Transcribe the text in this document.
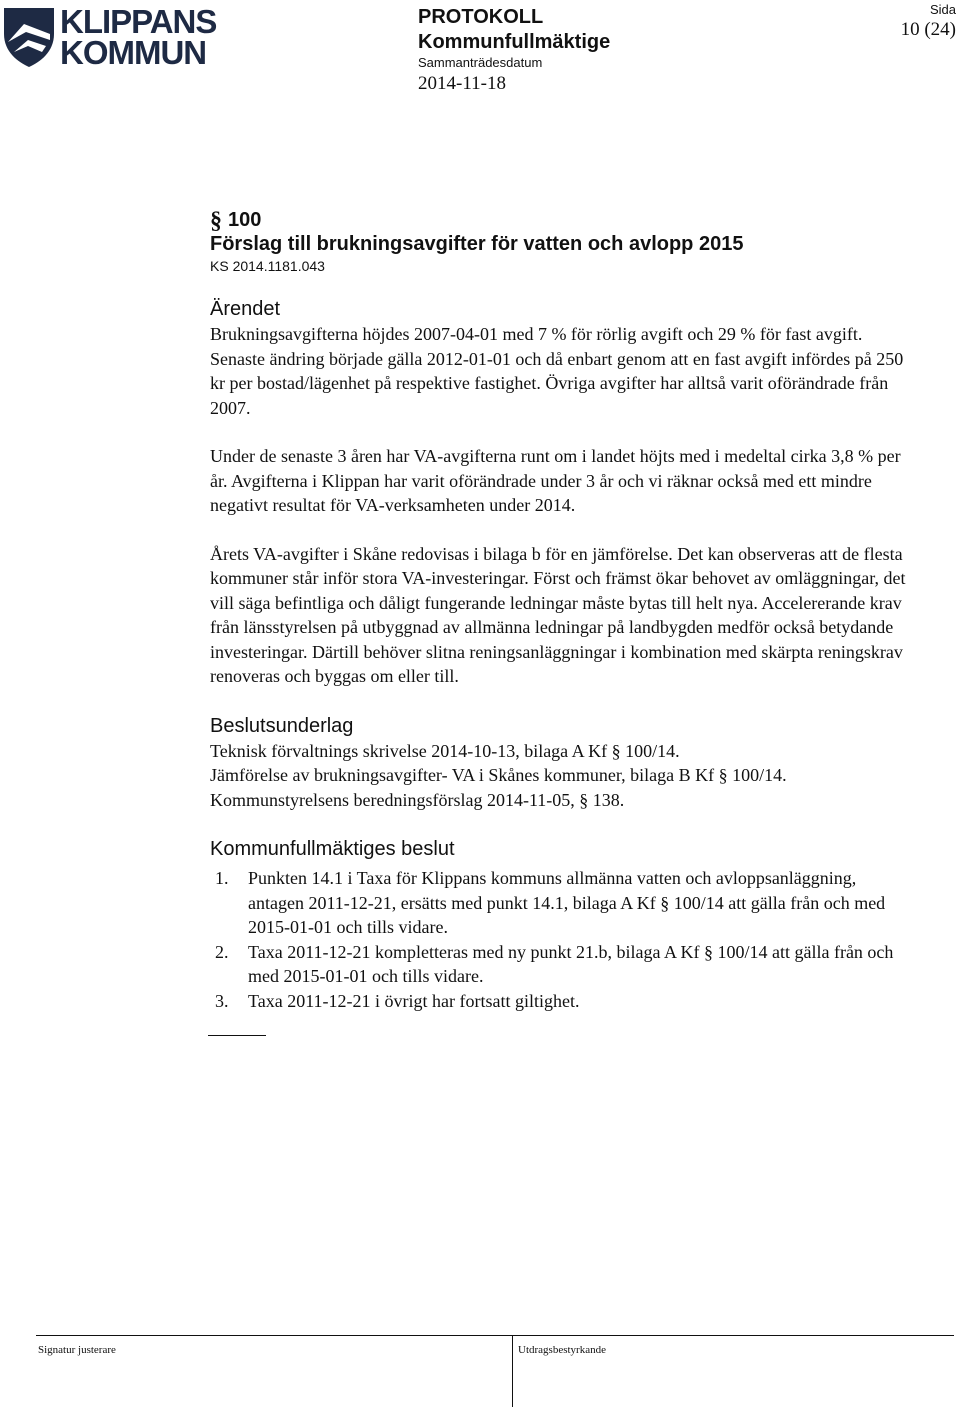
KLIPPANS
KOMMUN
PROTOKOLL
Kommunfullmäktige
Sammanträdesdatum
2014-11-18
Sida
10 (24)
§ 100
Förslag till brukningsavgifter för vatten och avlopp 2015
KS 2014.1181.043
Ärendet

Brukningsavgifterna höjdes 2007-04-01 med 7 % för rörlig avgift och 29 % för fast avgift. Senaste ändring började gälla 2012-01-01 och då enbart genom att en fast avgift infördes på 250 kr per bostad/lägenhet på respektive fastighet. Övriga avgifter har alltså varit oförändrade från 2007.

Under de senaste 3 åren har VA-avgifterna runt om i landet höjts med i medeltal cirka 3,8 % per år. Avgifterna i Klippan har varit oförändrade under 3 år och vi räknar också med ett mindre negativt resultat för VA-verksamheten under 2014.

Årets VA-avgifter i Skåne redovisas i bilaga b för en jämförelse. Det kan observeras att de flesta kommuner står inför stora VA-investeringar. Först och främst ökar behovet av omläggningar, det vill säga befintliga och dåligt fungerande ledningar måste bytas till helt nya. Accelererande krav från länsstyrelsen på utbyggnad av allmänna ledningar på landbygden medför också betydande investeringar. Därtill behöver slitna reningsanläggningar i kombination med skärpta reningskrav renoveras och byggas om eller till.

Beslutsunderlag

Teknisk förvaltnings skrivelse 2014-10-13, bilaga A Kf § 100/14.

Jämförelse av brukningsavgifter- VA i Skånes kommuner, bilaga B Kf § 100/14.

Kommunstyrelsens beredningsförslag 2014-11-05, § 138.

Kommunfullmäktiges beslut
1.	Punkten 14.1 i Taxa för Klippans kommuns allmänna vatten och avloppsanläggning, antagen 2011-12-21, ersätts med punkt 14.1, bilaga A Kf § 100/14 att gälla från och med 2015-01-01 och tills vidare.
2.	Taxa 2011-12-21 kompletteras med ny punkt 21.b, bilaga A Kf § 100/14 att gälla från och med 2015-01-01 och tills vidare.
3.	Taxa 2011-12-21 i övrigt har fortsatt giltighet.
Signatur justerare	Utdragsbestyrkande
